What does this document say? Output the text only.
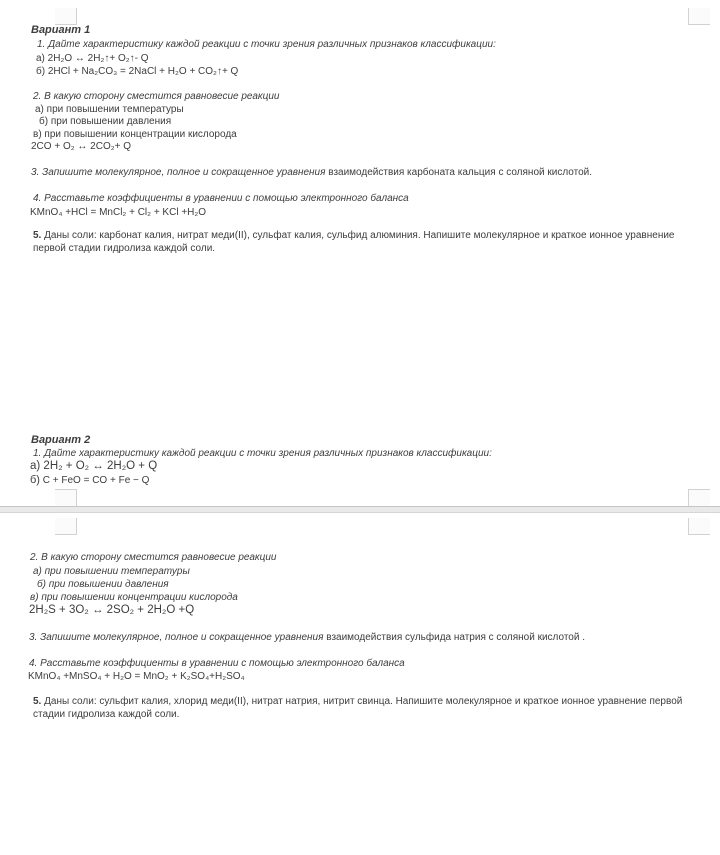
Вариант 1
1. Дайте характеристику каждой реакции с точки зрения различных признаков классификации:
а) 2H₂O ↔ 2H₂↑+ O₂↑- Q
б) 2HCl + Na₂CO₃ = 2NaCl + H₂O + CO₂↑+ Q
2. В какую сторону сместится равновесие реакции
а) при повышении температуры
б) при повышении давления
в) при повышении концентрации кислорода
2CO + O₂ ↔ 2CO₂+ Q
3. Запишите молекулярное, полное и сокращенное уравнения взаимодействия карбоната кальция с соляной кислотой.
4. Расставьте коэффициенты в уравнении с помощью электронного баланса
KMnO₄ +HCl = MnCl₂ + Cl₂ + KCl +H₂O
5. Даны соли: карбонат калия, нитрат меди(II), сульфат калия, сульфид алюминия. Напишите молекулярное и краткое ионное уравнение первой стадии гидролиза каждой соли.
Вариант 2
1. Дайте характеристику каждой реакции с точки зрения различных признаков классификации:
а) 2H₂ + O₂ ↔ 2H₂O + Q
б) C + FeO = CO + Fe − Q
2. В какую сторону сместится равновесие реакции
а) при повышении температуры
б) при повышении давления
в) при повышении концентрации кислорода
2H₂S + 3O₂ ↔ 2SO₂ + 2H₂O +Q
3. Запишите молекулярное, полное и сокращенное уравнения взаимодействия сульфида натрия с соляной кислотой .
4. Расставьте коэффициенты в уравнении с помощью электронного баланса
KMnO₄ +MnSO₄ + H₂O = MnO₂ + K₂SO₄+H₂SO₄
5. Даны соли: сульфит калия, хлорид меди(II), нитрат натрия, нитрит свинца. Напишите молекулярное и краткое ионное уравнение первой стадии гидролиза каждой соли.
